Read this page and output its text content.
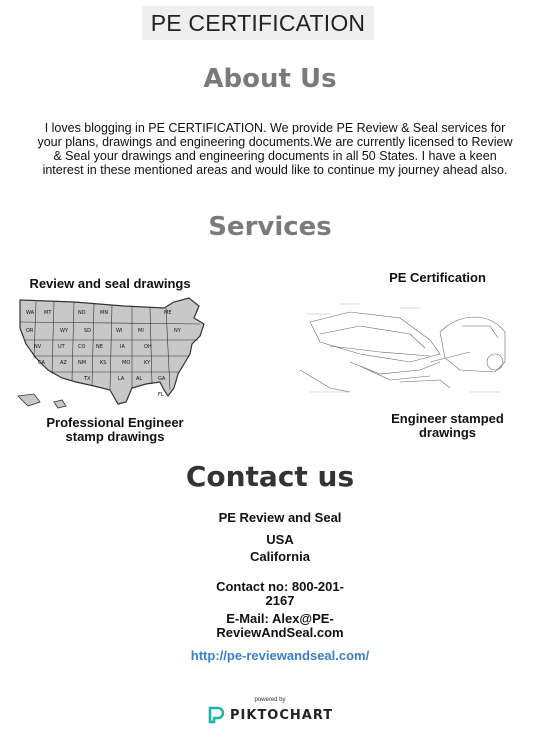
PE CERTIFICATION
About Us
I loves blogging in PE CERTIFICATION. We provide PE Review & Seal services for your plans, drawings and engineering documents.We are currently licensed to Review & Seal your drawings and engineering documents in all 50 States. I have a keen interest in these mentioned areas and would like to continue my journey ahead also.
Services
Review and seal drawings
WA MT	ND	MN	ME
OR	WY	SD	WI	MI	NY
NV	UT	CO NE	IA	OH
CA	AZ NM	KS	MO	KY
TX	LA AL	GA
FL
Professional Engineer stamp drawings
PE Certification
Engineer stamped drawings
Contact us
PE Review and Seal
USA
California
Contact no: 800-201-2167
E-Mail: Alex@PE-ReviewAndSeal.com
http://pe-reviewandseal.com/
powered by
PIKTOCHART
